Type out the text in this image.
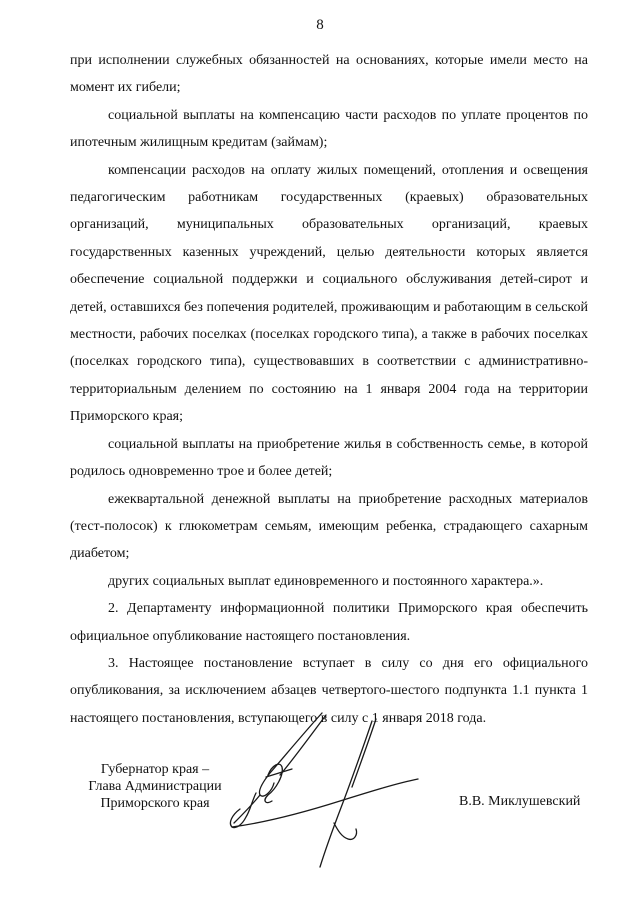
8

при исполнении служебных обязанностей на основаниях, которые имели место на момент их гибели;

социальной выплаты на компенсацию части расходов по уплате процентов по ипотечным жилищным кредитам (займам);

компенсации расходов на оплату жилых помещений, отопления и освещения педагогическим работникам государственных (краевых) образовательных организаций, муниципальных образовательных организаций, краевых государственных казенных учреждений, целью деятельности которых является обеспечение социальной поддержки и социального обслуживания детей-сирот и детей, оставшихся без попечения родителей, проживающим и работающим в сельской местности, рабочих поселках (поселках городского типа), а также в рабочих поселках (поселках городского типа), существовавших в соответствии с административно-территориальным делением по состоянию на 1 января 2004 года на территории Приморского края;

социальной выплаты на приобретение жилья в собственность семье, в которой родилось одновременно трое и более детей;

ежеквартальной денежной выплаты на приобретение расходных материалов (тест-полосок) к глюкометрам семьям, имеющим ребенка, страдающего сахарным диабетом;

других социальных выплат единовременного и постоянного характера.».

2. Департаменту информационной политики Приморского края обеспечить официальное опубликование настоящего постановления.

3. Настоящее постановление вступает в силу со дня его официального опубликования, за исключением абзацев четвертого-шестого подпункта 1.1 пункта 1 настоящего постановления, вступающего в силу с 1 января 2018 года.

Губернатор края –
Глава Администрации
Приморского края	В.В. Миклушевский
